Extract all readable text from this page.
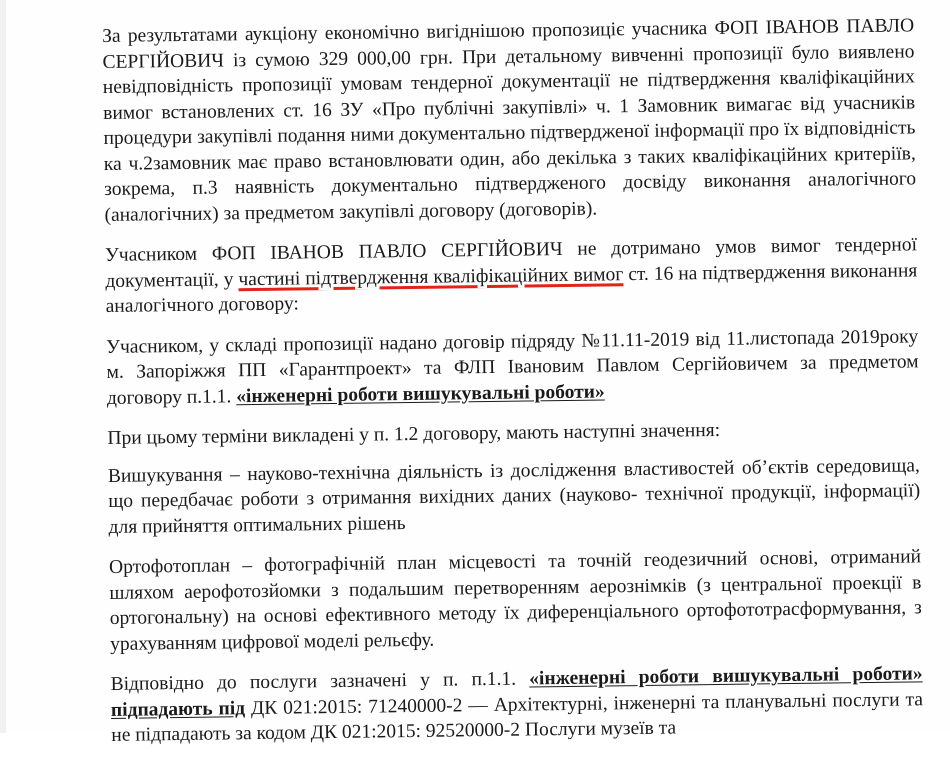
За результатами аукціону економічно вигіднішою пропозиціє учасника ФОП ІВАНОВ ПАВЛО СЕРГІЙОВИЧ із сумою 329 000,00 грн. При детальному вивченні пропозиції було виявлено невідповідність пропозиції умовам тендерної документації не підтвердження кваліфікаційних вимог встановлених ст. 16 ЗУ «Про публічні закупівлі» ч. 1 Замовник вимагає від учасників процедури закупівлі подання ними документально підтвердженої інформації про їх відповідність ка ч.2замовник має право встановлювати один, або декілька з таких кваліфікаційних критеріїв, зокрема, п.3 наявність документально підтвердженого досвіду виконання аналогічного (аналогічних) за предметом закупівлі договору (договорів).

Учасником ФОП ІВАНОВ ПАВЛО СЕРГІЙОВИЧ не дотримано умов вимог тендерної документації, у частині підтвердження кваліфікаційних вимог ст. 16 на підтвердження виконання аналогічного договору:

Учасником, у складі пропозиції надано договір підряду №11.11-2019 від 11.листопада 2019року м. Запоріжжя ПП «Гарантпроект» та ФЛП Івановим Павлом Сергійовичем за предметом договору п.1.1. «інженерні роботи вишукувальні роботи»

При цьому терміни викладені у п. 1.2 договору, мають наступні значення:

Вишукування – науково-технічна діяльність із дослідження властивостей об’єктів середовища, що передбачає роботи з отримання вихідних даних (науково- технічної продукції, інформації) для прийняття оптимальних рішень

Ортофотоплан – фотографічній план місцевості та точній геодезичний основі, отриманий шляхом аерофотозйомки з подальшим перетворенням аерознімків (з центральної проекції в ортогональну) на основі ефективного методу їх диференціального ортофототрасформування, з урахуванням цифрової моделі рельєфу.

Відповідно до послуги зазначені у п. п.1.1. «інженерні роботи вишукувальні роботи» підпадають під ДК 021:2015: 71240000-2 — Архітектурні, інженерні та планувальні послуги та не підпадають за кодом ДК 021:2015: 92520000-2 Послуги музеїв та
